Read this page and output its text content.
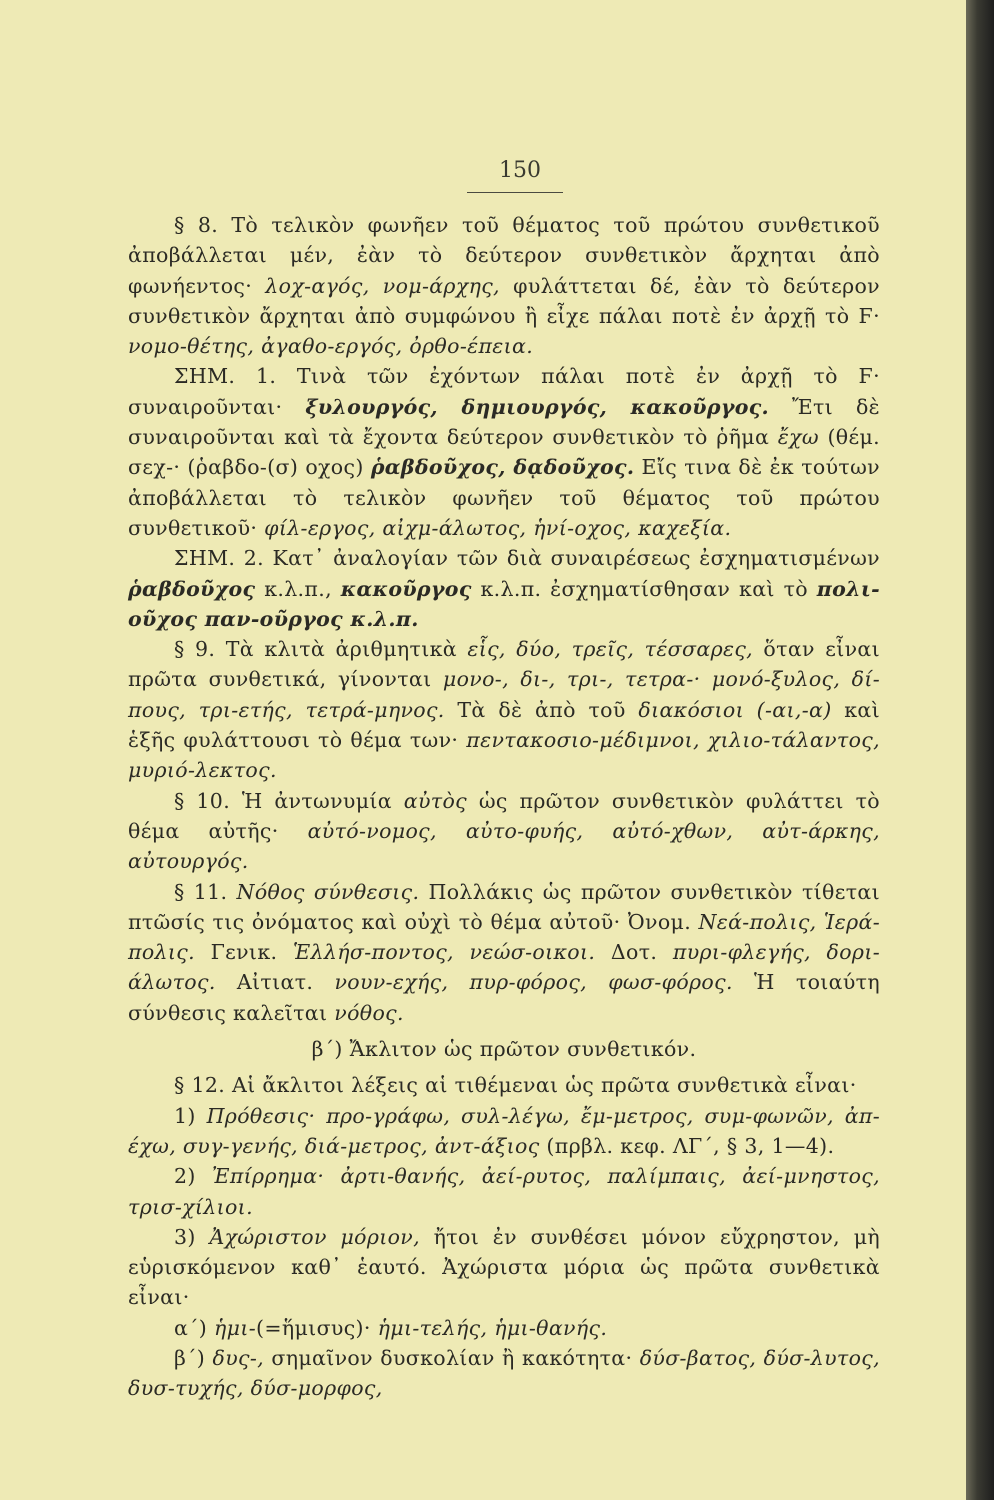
150

§ 8. Τὸ τελικὸν φωνῆεν τοῦ θέματος τοῦ πρώτου συνθετικοῦ ἀποβάλλεται μέν, ἐὰν τὸ δεύτερον συνθετικὸν ἄρχηται ἀπὸ φωνήεντος· λοχ-αγός, νομ-άρχης, φυλάττεται δέ, ἐὰν τὸ δεύτερον συνθετικὸν ἄρχηται ἀπὸ συμφώνου ἢ εἶχε πάλαι ποτὲ ἐν ἀρχῇ τὸ Ϝ· νομο-θέτης, ἀγαθο-εργός, ὀρθο-έπεια.

ΣΗΜ. 1. Τινὰ τῶν ἐχόντων πάλαι ποτὲ ἐν ἀρχῇ τὸ Ϝ· συναιροῦνται· ξυλουργός, δημιουργός, κακοῦργος. Ἔτι δὲ συναιροῦνται καὶ τὰ ἔχοντα δεύτερον συνθετικὸν τὸ ῥῆμα ἔχω (θέμ. σεχ-· (ῥαβδο-(σ) οχος) ῥαβδοῦχος, δᾳδοῦχος. Εἴς τινα δὲ ἐκ τούτων ἀποβάλλεται τὸ τελικὸν φωνῆεν τοῦ θέματος τοῦ πρώτου συνθετικοῦ· φίλ-εργος, αἰχμ-άλωτος, ἡνί-οχος, καχεξία.

ΣΗΜ. 2. Κατ᾽ ἀναλογίαν τῶν διὰ συναιρέσεως ἐσχηματισμένων ῥαβδοῦχος κ.λ.π., κακοῦργος κ.λ.π. ἐσχηματίσθησαν καὶ τὸ πολι-οῦχος παν-οῦργος κ.λ.π.

§ 9. Τὰ κλιτὰ ἀριθμητικὰ εἷς, δύο, τρεῖς, τέσσαρες, ὅταν εἶναι πρῶτα συνθετικά, γίνονται μονο-, δι-, τρι-, τετρα-· μονό-ξυλος, δί-πους, τρι-ετής, τετρά-μηνος. Τὰ δὲ ἀπὸ τοῦ διακόσιοι (-αι,-α) καὶ ἑξῆς φυλάττουσι τὸ θέμα των· πεντακοσιο-μέδιμνοι, χιλιο-τάλαντος, μυριό-λεκτος.

§ 10. Ἡ ἀντωνυμία αὐτὸς ὡς πρῶτον συνθετικὸν φυλάττει τὸ θέμα αὐτῆς· αὐτό-νομος, αὐτο-φυής, αὐτό-χθων, αὐτ-άρκης, αὐτουργός.

§ 11. Νόθος σύνθεσις. Πολλάκις ὡς πρῶτον συνθετικὸν τίθεται πτῶσίς τις ὀνόματος καὶ οὐχὶ τὸ θέμα αὐτοῦ· Ὀνομ. Νεά-πολις, Ἱερά-πολις. Γενικ. Ἑλλήσ-ποντος, νεώσ-οικοι. Δοτ. πυρι-φλεγής, δορι-άλωτος. Αἰτιατ. νουν-εχής, πυρ-φόρος, φωσ-φόρος. Ἡ τοιαύτη σύνθεσις καλεῖται νόθος.

β΄) Ἄκλιτον ὡς πρῶτον συνθετικόν.

§ 12. Αἱ ἄκλιτοι λέξεις αἱ τιθέμεναι ὡς πρῶτα συνθετικὰ εἶναι·

1) Πρόθεσις· προ-γράφω, συλ-λέγω, ἔμ-μετρος, συμ-φωνῶν, ἀπ-έχω, συγ-γενής, διά-μετρος, ἀντ-άξιος (πρβλ. κεφ. ΛΓ΄, § 3, 1—4).

2) Ἐπίρρημα· ἀρτι-θανής, ἀεί-ρυτος, παλίμπαις, ἀεί-μνηστος, τρισ-χίλιοι.

3) Ἀχώριστον μόριον, ἤτοι ἐν συνθέσει μόνον εὔχρηστον, μὴ εὑρισκόμενον καθ᾽ ἑαυτό. Ἀχώριστα μόρια ὡς πρῶτα συνθετικὰ εἶναι·

α΄) ἡμι-(=ἥμισυς)· ἡμι-τελής, ἡμι-θανής.

β΄) δυς-, σημαῖνον δυσκολίαν ἢ κακότητα· δύσ-βατος, δύσ-λυτος, δυσ-τυχής, δύσ-μορφος,
